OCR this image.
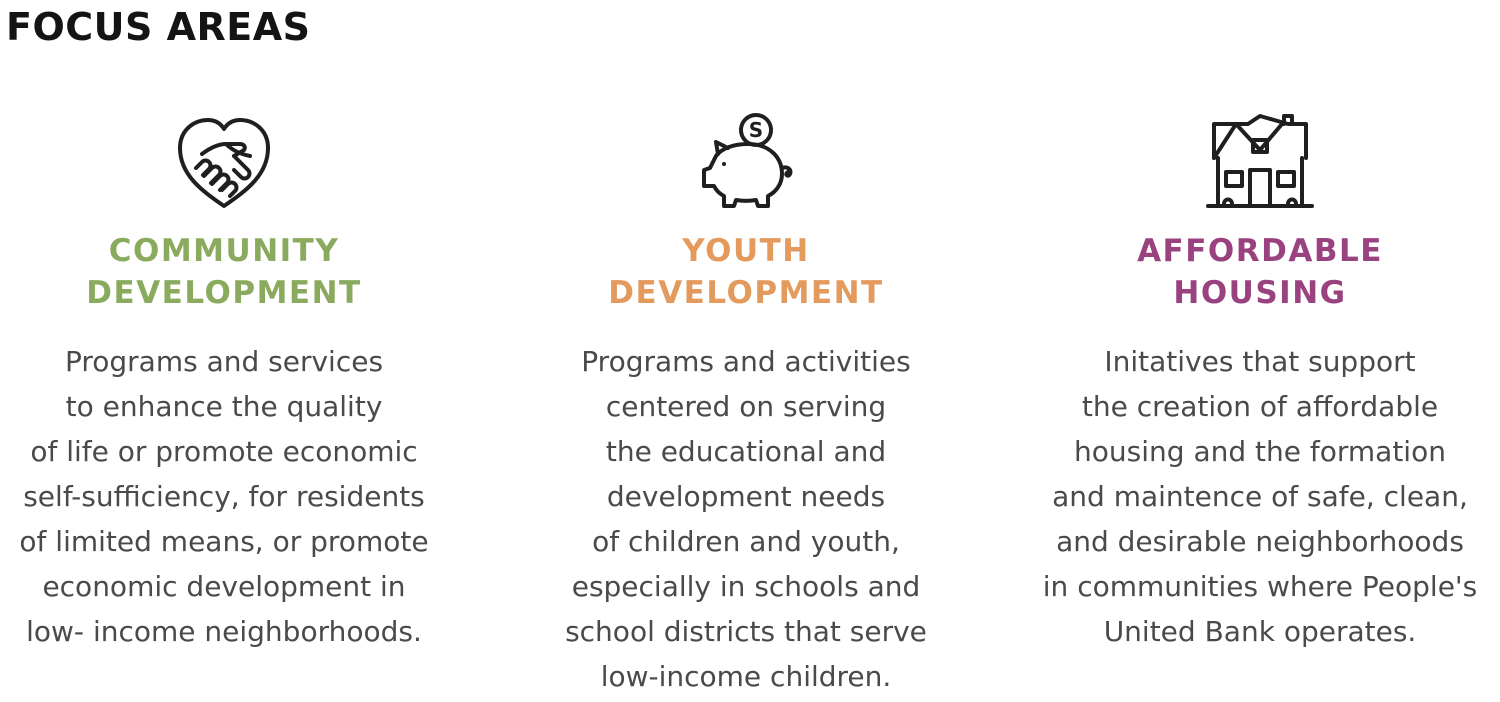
FOCUS AREAS
COMMUNITY
DEVELOPMENT

Programs and services
to enhance the quality
of life or promote economic
self-sufficiency, for residents
of limited means, or promote
economic development in
low- income neighborhoods.

S
YOUTH
DEVELOPMENT

Programs and activities
centered on serving
the educational and
development needs
of children and youth,
especially in schools and
school districts that serve
low-income children.

AFFORDABLE
HOUSING

Initatives that support
the creation of affordable
housing and the formation
and maintence of safe, clean,
and desirable neighborhoods
in communities where People's
United Bank operates.
